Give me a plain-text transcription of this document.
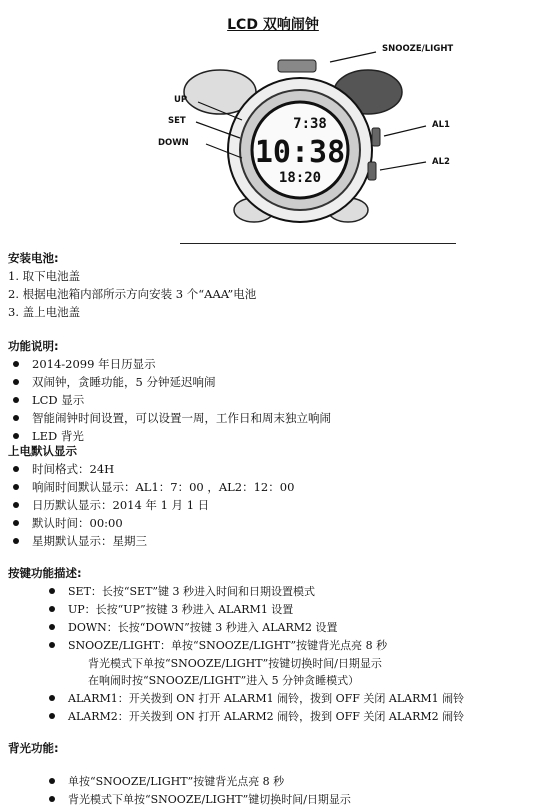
LCD 双响闹钟
7:38
10:38
18:20
SNOOZE/LIGHT
UP
SET
DOWN
AL1
AL2
安装电池:
1. 取下电池盖
2. 根据电池箱内部所示方向安装 3 个“AAA”电池
3. 盖上电池盖
功能说明:
2014-2099 年日历显示
双闹钟，贪睡功能，5 分钟延迟响闹
LCD 显示
智能闹钟时间设置，可以设置一周，工作日和周末独立响闹
LED 背光
上电默认显示
时间格式：24H
响闹时间默认显示：AL1：7：00 ，AL2：12：00
日历默认显示：2014 年 1 月 1 日
默认时间：00:00
星期默认显示：星期三
按键功能描述:
SET：长按“SET”键 3 秒进入时间和日期设置模式
UP：长按“UP”按键 3 秒进入 ALARM1 设置
DOWN：长按“DOWN”按键 3 秒进入 ALARM2 设置
SNOOZE/LIGHT：单按“SNOOZE/LIGHT”按键背光点亮 8 秒
背光模式下单按“SNOOZE/LIGHT”按键切换时间/日期显示
在响闹时按“SNOOZE/LIGHT”进入 5 分钟贪睡模式）
ALARM1：开关拨到 ON 打开 ALARM1 闹铃，拨到 OFF 关闭 ALARM1 闹铃
ALARM2：开关拨到 ON 打开 ALARM2 闹铃，拨到 OFF 关闭 ALARM2 闹铃
背光功能:
单按“SNOOZE/LIGHT”按键背光点亮 8 秒
背光模式下单按“SNOOZE/LIGHT”键切换时间/日期显示
